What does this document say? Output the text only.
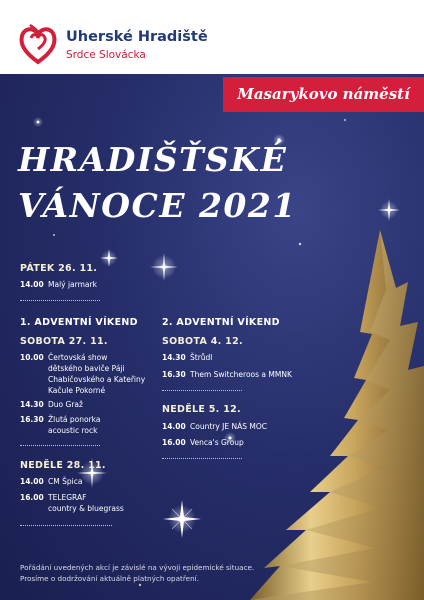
Uherské Hradiště
Srdce Slovácka
Masarykovo náměstí
HRADIŠŤSKÉ
VÁNOCE 2021
PÁTEK 26. 11.
14.00 Malý jarmark
1. ADVENTNÍ VÍKEND
SOBOTA 27. 11.
10.00 Čertovská show
dětského baviče Páji
Chabičovského a Kateřiny
Kačule Pokorné
14.30 Duo Graž
16.30 Žlutá ponorka
acoustic rock
NEDĚLE 28. 11.
14.00 CM Špica
16.00 TELEGRAF
country & bluegrass
2. ADVENTNÍ VÍKEND
SOBOTA 4. 12.
14.30 Štrůdl
16.30 Them Switcheroos a MMNK
NEDĚLE 5. 12.
14.00 Country JE NÁS MOC
16.00 Venca's Group
Pořádání uvedených akcí je závislé na vývoji epidemické situace.
Prosíme o dodržování aktuálně platných opatření.
